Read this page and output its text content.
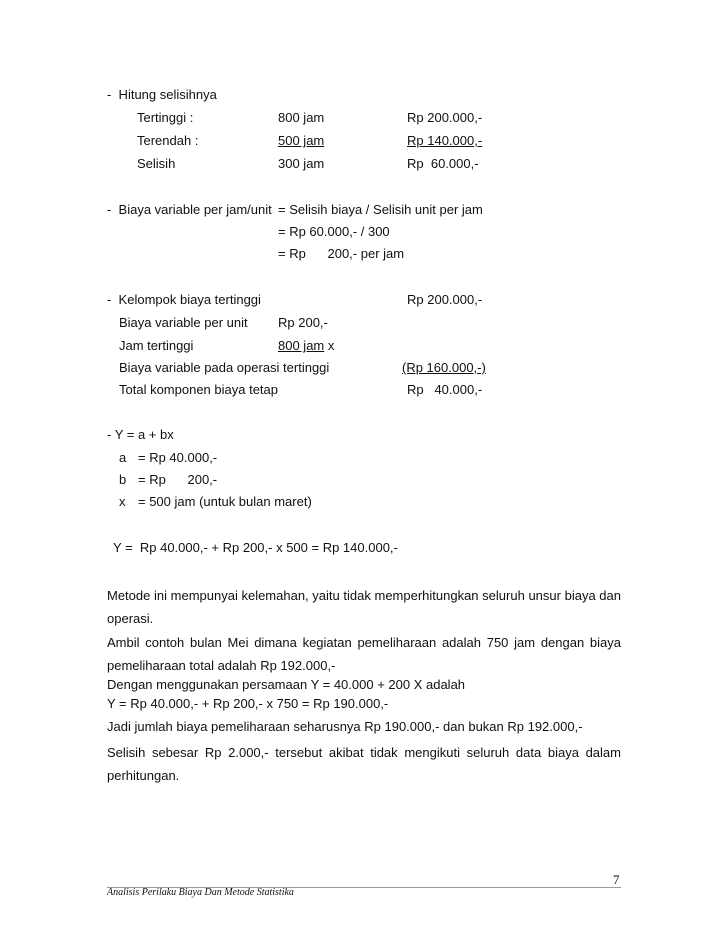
-  Hitung selisihnya
Tertinggi :	800 jam	Rp 200.000,-
Terendah :	500 jam	Rp 140.000,-
Selisih	300 jam	Rp  60.000,-
-  Biaya variable per jam/unit = Selisih biaya / Selisih unit per jam
= Rp 60.000,- / 300
= Rp      200,- per jam
-  Kelompok biaya tertinggi	Rp 200.000,-
Biaya variable per unit Rp 200,-
Jam tertinggi	800 jam x
Biaya variable pada operasi tertinggi	(Rp 160.000,-)
Total komponen biaya tetap	Rp   40.000,-
- Y = a + bx
a = Rp 40.000,-
b = Rp      200,-
x = 500 jam (untuk bulan maret)
Y =  Rp 40.000,- + Rp 200,- x 500 = Rp 140.000,-
Metode ini mempunyai kelemahan, yaitu tidak memperhitungkan seluruh unsur biaya dan operasi.
Ambil contoh bulan Mei dimana kegiatan pemeliharaan adalah 750 jam dengan biaya pemeliharaan total adalah Rp 192.000,-
Dengan menggunakan persamaan Y = 40.000 + 200 X adalah
Y = Rp 40.000,- + Rp 200,- x 750 = Rp 190.000,-
Jadi jumlah biaya pemeliharaan seharusnya Rp 190.000,- dan bukan Rp 192.000,-
Selisih sebesar Rp 2.000,- tersebut akibat tidak mengikuti seluruh data biaya dalam perhitungan.
7
Analisis Perilaku Biaya Dan Metode Statistika
